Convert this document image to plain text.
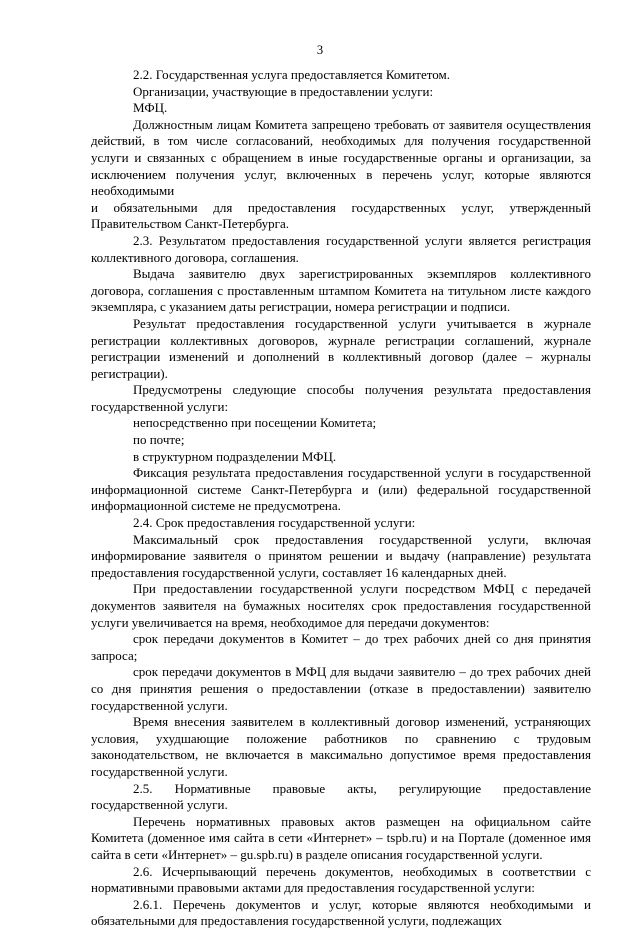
3

2.2. Государственная услуга предоставляется Комитетом.

Организации, участвующие в предоставлении услуги:

МФЦ.

Должностным лицам Комитета запрещено требовать от заявителя осуществления действий, в том числе согласований, необходимых для получения государственной услуги и связанных с обращением в иные государственные органы и организации, за исключением получения услуг, включенных в перечень услуг, которые являются необходимыми

и обязательными для предоставления государственных услуг, утвержденный Правительством Санкт-Петербурга.

2.3. Результатом предоставления государственной услуги является регистрация коллективного договора, соглашения.

Выдача заявителю двух зарегистрированных экземпляров коллективного договора, соглашения с проставленным штампом Комитета на титульном листе каждого экземпляра, с указанием даты регистрации, номера регистрации и подписи.

Результат предоставления государственной услуги учитывается в журнале регистрации коллективных договоров, журнале регистрации соглашений, журнале регистрации изменений и дополнений в коллективный договор (далее – журналы регистрации).

Предусмотрены следующие способы получения результата предоставления государственной услуги:

непосредственно при посещении Комитета;

по почте;

в структурном подразделении МФЦ.

Фиксация результата предоставления государственной услуги в государственной информационной системе Санкт-Петербурга и (или) федеральной государственной информационной системе не предусмотрена.

2.4. Срок предоставления государственной услуги:

Максимальный срок предоставления государственной услуги, включая информирование заявителя о принятом решении и выдачу (направление) результата предоставления государственной услуги, составляет 16 календарных дней.

При предоставлении государственной услуги посредством МФЦ с передачей документов заявителя на бумажных носителях срок предоставления государственной услуги увеличивается на время, необходимое для передачи документов:

срок передачи документов в Комитет – до трех рабочих дней со дня принятия запроса;

срок передачи документов в МФЦ для выдачи заявителю – до трех рабочих дней со дня принятия решения о предоставлении (отказе в предоставлении) заявителю государственной услуги.

Время внесения заявителем в коллективный договор изменений, устраняющих условия, ухудшающие положение работников по сравнению с трудовым законодательством, не включается в максимально допустимое время предоставления государственной услуги.

2.5. Нормативные правовые акты, регулирующие предоставление государственной услуги.

Перечень нормативных правовых актов размещен на официальном сайте Комитета (доменное имя сайта в сети «Интернет» – tspb.ru) и на Портале (доменное имя сайта в сети «Интернет» – gu.spb.ru) в разделе описания государственной услуги.

2.6. Исчерпывающий перечень документов, необходимых в соответствии с нормативными правовыми актами для предоставления государственной услуги:

2.6.1. Перечень документов и услуг, которые являются необходимыми и обязательными для предоставления государственной услуги, подлежащих
